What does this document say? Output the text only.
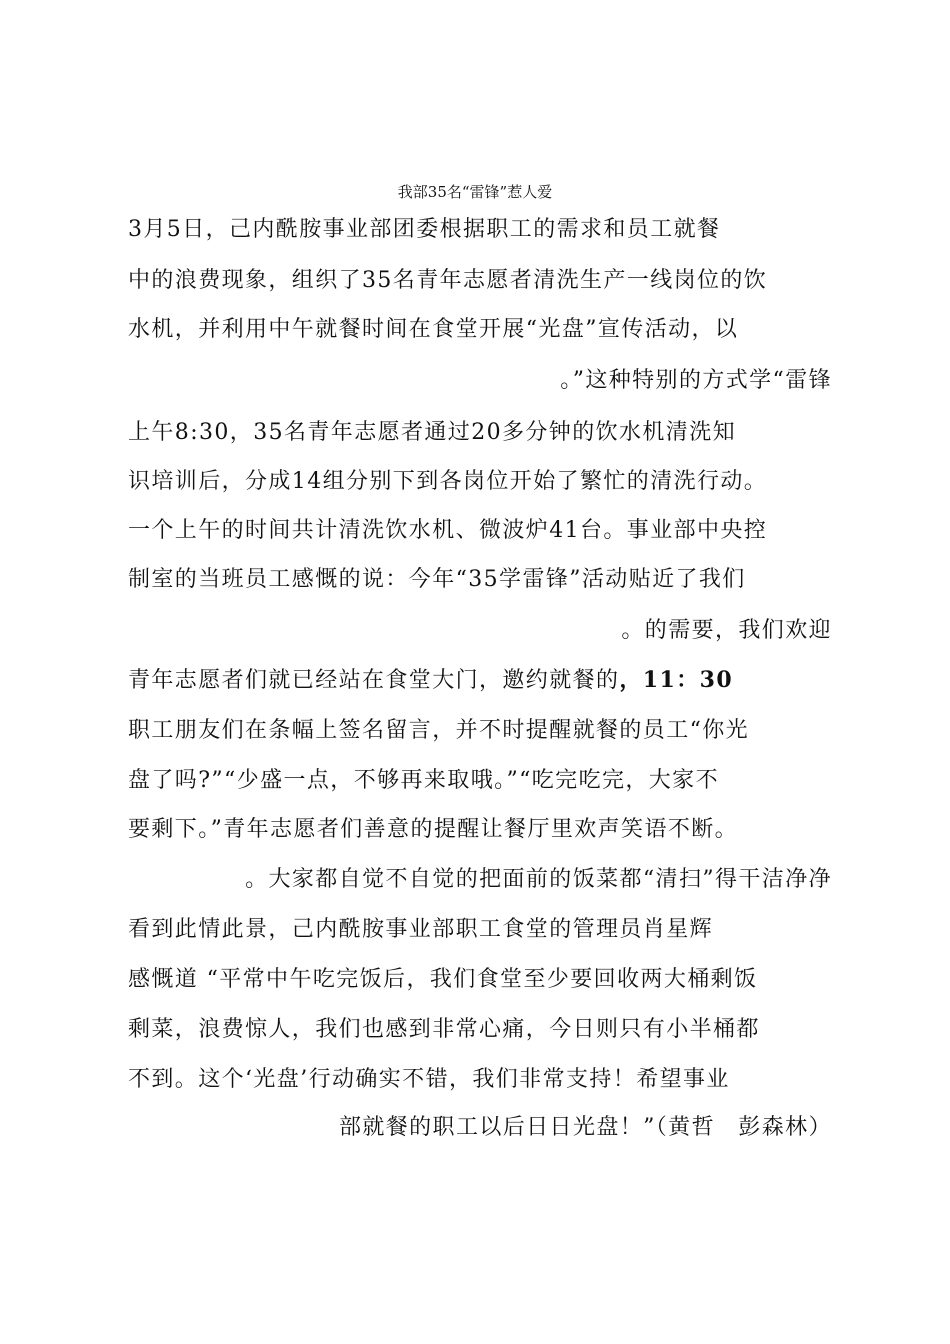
我部35名“雷锋”惹人爱

3月5日，己内酰胺事业部团委根据职工的需求和员工就餐

中的浪费现象，组织了35名青年志愿者清洗生产一线岗位的饮

水机，并利用中午就餐时间在食堂开展“光盘”宣传活动，以

。”这种特别的方式学“雷锋

上午8:30，35名青年志愿者通过20多分钟的饮水机清洗知

识培训后，分成14组分别下到各岗位开始了繁忙的清洗行动。

一个上午的时间共计清洗饮水机、微波炉41台。事业部中央控

制室的当班员工感慨的说：今年“35学雷锋”活动贴近了我们

。的需要，我们欢迎

青年志愿者们就已经站在食堂大门，邀约就餐的，11：30

职工朋友们在条幅上签名留言，并不时提醒就餐的员工“你光

盘了吗?”“少盛一点，不够再来取哦。”“吃完吃完，大家不

要剩下。”青年志愿者们善意的提醒让餐厅里欢声笑语不断。

。大家都自觉不自觉的把面前的饭菜都“清扫”得干洁净净

看到此情此景，己内酰胺事业部职工食堂的管理员肖星辉

感慨道 “平常中午吃完饭后，我们食堂至少要回收两大桶剩饭

剩菜，浪费惊人，我们也感到非常心痛，今日则只有小半桶都

不到。这个‘光盘’行动确实不错，我们非常支持！希望事业

部就餐的职工以后日日光盘！”（黄哲　彭森林）
